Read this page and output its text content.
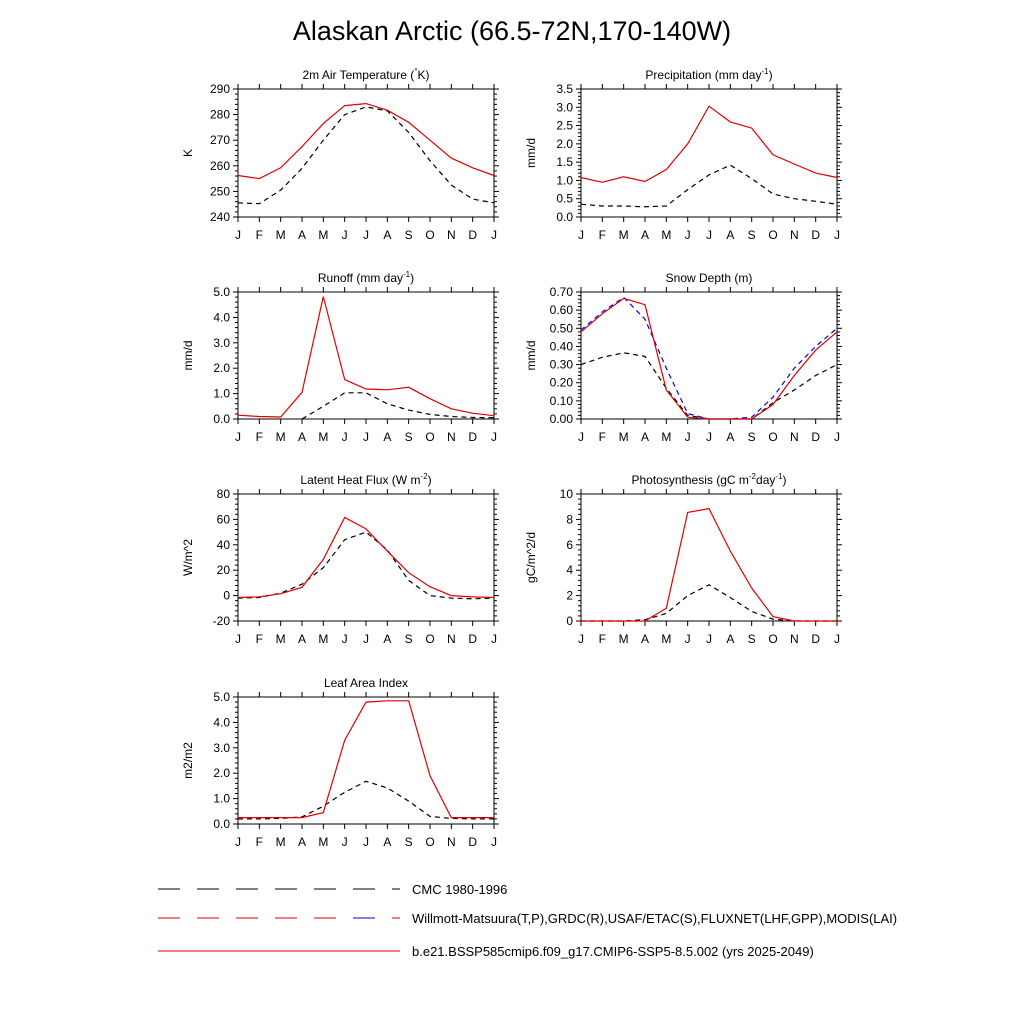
Alaskan Arctic (66.5-72N,170-140W)
2m Air Temperature (°K)
K
240
250
260
270
280
290
J F M A M J J A S O N D J
Precipitation (mm day$^{-1}$)
mm/d
0.0
0.5
1.0
1.5
2.0
2.5
3.0
3.5
J F M A M J J A S O N D J
Runoff (mm day$^{-1}$)
mm/d
0.0
1.0
2.0
3.0
4.0
5.0
J F M A M J J A S O N D J
Snow Depth (m)
mm/d
0.00
0.10
0.20
0.30
0.40
0.50
0.60
0.70
J F M A M J J A S O N D J
Latent Heat Flux (W $m^{-2}$)
W/m^2
-20
0
20
40
60
80
J F M A M J J A S O N D J
Photosynthesis (gC $m^{-2}day^{-1}$)
gC/m^2/d
0
2
4
6
8
10
J F M A M J J A S O N D J
Leaf Area Index
m2/m2
0.0
1.0
2.0
3.0
4.0
5.0
J F M A M J J A S O N D J
CMC 1980-1996
Willmott-Matsuura(T,P),GRDC(R),USAF/ETAC(S),FLUXNET(LHF,GPP),MODIS(LAI)
b.e21.BSSP585cmip6.f09_g17.CMIP6-SSP5-8.5.002 (yrs 2025-2049)
